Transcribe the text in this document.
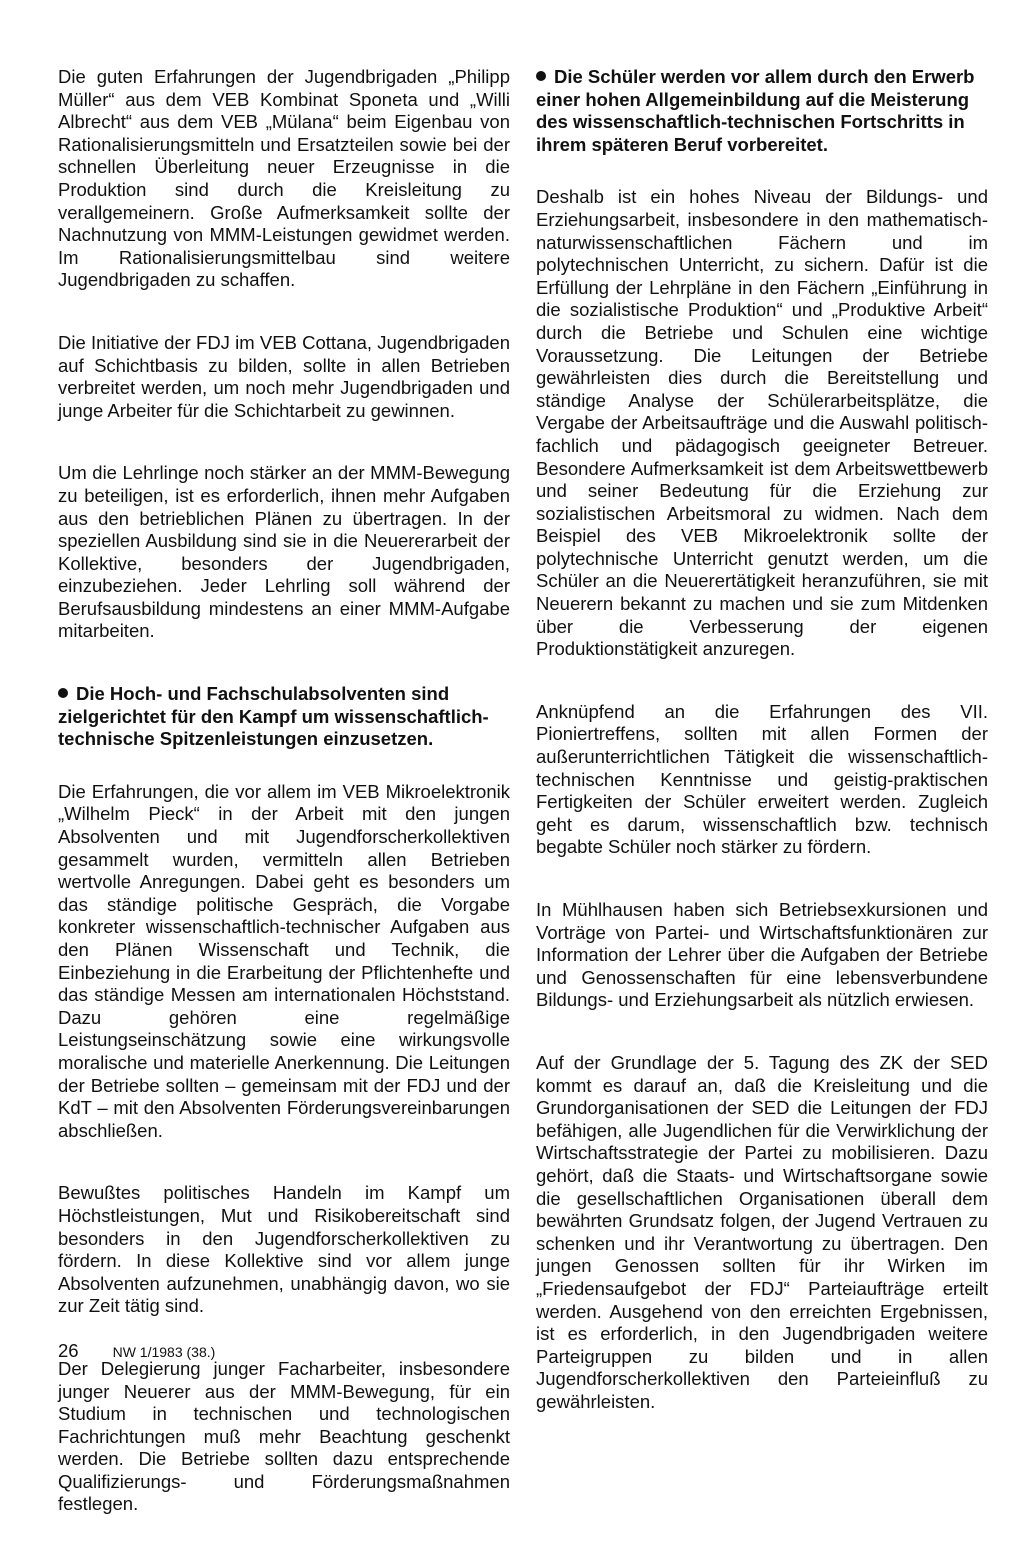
Die guten Erfahrungen der Jugendbrigaden „Philipp Müller“ aus dem VEB Kombinat Sponeta und „Willi Albrecht“ aus dem VEB „Mülana“ beim Eigenbau von Rationalisierungsmitteln und Ersatzteilen sowie bei der schnellen Überleitung neuer Erzeugnisse in die Produktion sind durch die Kreisleitung zu verallgemeinern. Große Aufmerksamkeit sollte der Nachnutzung von MMM-Leistungen gewidmet werden. Im Rationalisierungsmittelbau sind weitere Jugendbrigaden zu schaffen.

Die Initiative der FDJ im VEB Cottana, Jugendbrigaden auf Schichtbasis zu bilden, sollte in allen Betrieben verbreitet werden, um noch mehr Jugendbrigaden und junge Arbeiter für die Schichtarbeit zu gewinnen.

Um die Lehrlinge noch stärker an der MMM-Bewegung zu beteiligen, ist es erforderlich, ihnen mehr Aufgaben aus den betrieblichen Plänen zu übertragen. In der speziellen Ausbildung sind sie in die Neuererarbeit der Kollektive, besonders der Jugendbrigaden, einzubeziehen. Jeder Lehrling soll während der Berufsausbildung mindestens an einer MMM-Aufgabe mitarbeiten.

Die Hoch- und Fachschulabsolventen sind zielgerichtet für den Kampf um wissenschaftlich-technische Spitzenleistungen einzusetzen.

Die Erfahrungen, die vor allem im VEB Mikroelektronik „Wilhelm Pieck“ in der Arbeit mit den jungen Absolventen und mit Jugendforscherkollektiven gesammelt wurden, vermitteln allen Betrieben wertvolle Anregungen. Dabei geht es besonders um das ständige politische Gespräch, die Vorgabe konkreter wissenschaftlich-technischer Aufgaben aus den Plänen Wissenschaft und Technik, die Einbeziehung in die Erarbeitung der Pflichtenhefte und das ständige Messen am internationalen Höchststand. Dazu gehören eine regelmäßige Leistungseinschätzung sowie eine wirkungsvolle moralische und materielle Anerkennung. Die Leitungen der Betriebe sollten – gemeinsam mit der FDJ und der KdT – mit den Absolventen Förderungsvereinbarungen abschließen.

Bewußtes politisches Handeln im Kampf um Höchstleistungen, Mut und Risikobereitschaft sind besonders in den Jugendforscherkollektiven zu fördern. In diese Kollektive sind vor allem junge Absolventen aufzunehmen, unabhängig davon, wo sie zur Zeit tätig sind.

Der Delegierung junger Facharbeiter, insbesondere junger Neuerer aus der MMM-Bewegung, für ein Studium in technischen und technologischen Fachrichtungen muß mehr Beachtung geschenkt werden. Die Betriebe sollten dazu entsprechende Qualifizierungs- und Förderungsmaßnahmen festlegen.

Die Schüler werden vor allem durch den Erwerb einer hohen Allgemeinbildung auf die Meisterung des wissenschaftlich-technischen Fortschritts in ihrem späteren Beruf vorbereitet.

Deshalb ist ein hohes Niveau der Bildungs- und Erziehungsarbeit, insbesondere in den mathematisch-naturwissenschaftlichen Fächern und im polytechnischen Unterricht, zu sichern. Dafür ist die Erfüllung der Lehrpläne in den Fächern „Einführung in die sozialistische Produktion“ und „Produktive Arbeit“ durch die Betriebe und Schulen eine wichtige Voraussetzung. Die Leitungen der Betriebe gewährleisten dies durch die Bereitstellung und ständige Analyse der Schülerarbeitsplätze, die Vergabe der Arbeitsaufträge und die Auswahl politisch-fachlich und pädagogisch geeigneter Betreuer. Besondere Aufmerksamkeit ist dem Arbeitswettbewerb und seiner Bedeutung für die Erziehung zur sozialistischen Arbeitsmoral zu widmen. Nach dem Beispiel des VEB Mikroelektronik sollte der polytechnische Unterricht genutzt werden, um die Schüler an die Neuerertätigkeit heranzuführen, sie mit Neuerern bekannt zu machen und sie zum Mitdenken über die Verbesserung der eigenen Produktionstätigkeit anzuregen.

Anknüpfend an die Erfahrungen des VII. Pioniertreffens, sollten mit allen Formen der außerunterrichtlichen Tätigkeit die wissenschaftlich-technischen Kenntnisse und geistig-praktischen Fertigkeiten der Schüler erweitert werden. Zugleich geht es darum, wissenschaftlich bzw. technisch begabte Schüler noch stärker zu fördern.

In Mühlhausen haben sich Betriebsexkursionen und Vorträge von Partei- und Wirtschaftsfunktionären zur Information der Lehrer über die Aufgaben der Betriebe und Genossenschaften für eine lebensverbundene Bildungs- und Erziehungsarbeit als nützlich erwiesen.

Auf der Grundlage der 5. Tagung des ZK der SED kommt es darauf an, daß die Kreisleitung und die Grundorganisationen der SED die Leitungen der FDJ befähigen, alle Jugendlichen für die Verwirklichung der Wirtschaftsstrategie der Partei zu mobilisieren. Dazu gehört, daß die Staats- und Wirtschaftsorgane sowie die gesellschaftlichen Organisationen überall dem bewährten Grundsatz folgen, der Jugend Vertrauen zu schenken und ihr Verantwortung zu übertragen. Den jungen Genossen sollten für ihr Wirken im „Friedensaufgebot der FDJ“ Parteiaufträge erteilt werden. Ausgehend von den erreichten Ergebnissen, ist es erforderlich, in den Jugendbrigaden weitere Parteigruppen zu bilden und in allen Jugendforscherkollektiven den Parteieinfluß zu gewährleisten.

26 NW 1/1983 (38.)
